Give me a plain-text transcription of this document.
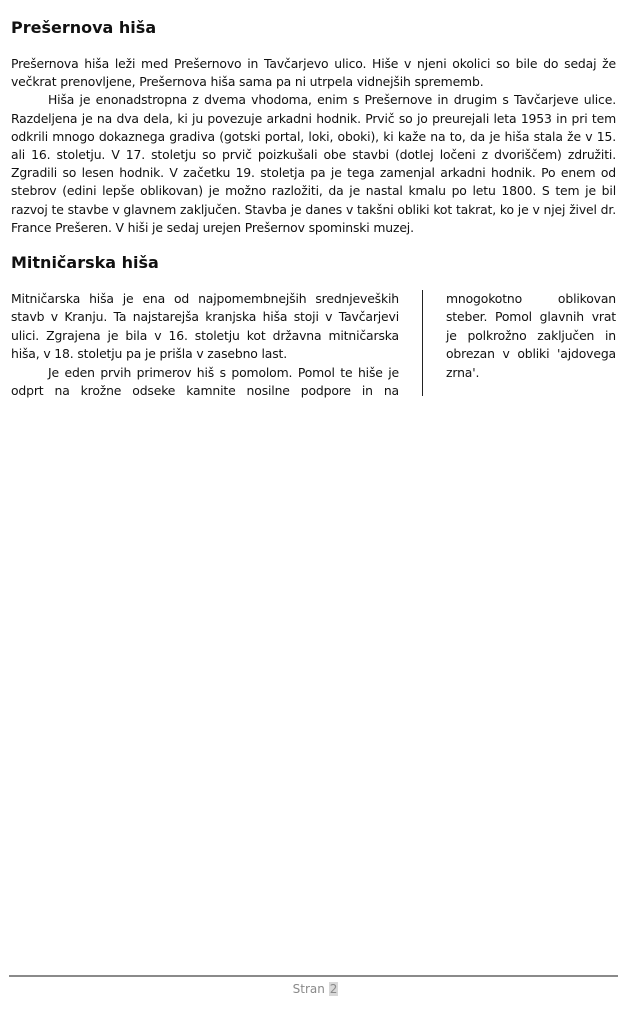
Prešernova hiša

Prešernova hiša leži med Prešernovo in Tavčarjevo ulico. Hiše v njeni okolici so bile do sedaj že večkrat prenovljene, Prešernova hiša sama pa ni utrpela vidnejših sprememb.

Hiša je enonadstropna z dvema vhodoma, enim s Prešernove in drugim s Tavčarjeve ulice. Razdeljena je na dva dela, ki ju povezuje arkadni hodnik. Prvič so jo preurejali leta 1953 in pri tem odkrili mnogo dokaznega gradiva (gotski portal, loki, oboki), ki kaže na to, da je hiša stala že v 15. ali 16. stoletju. V 17. stoletju so prvič poizkušali obe stavbi (dotlej ločeni z dvoriščem) združiti. Zgradili so lesen hodnik. V začetku 19. stoletja pa je tega zamenjal arkadni hodnik. Po enem od stebrov (edini lepše oblikovan) je možno razložiti, da je nastal kmalu po letu 1800. S tem je bil razvoj te stavbe v glavnem zaključen. Stavba je danes v takšni obliki kot takrat, ko je v njej živel dr. France Prešeren. V hiši je sedaj urejen Prešernov spominski muzej.

Mitničarska hiša

Mitničarska hiša je ena od najpomembnejših srednjeveških stavb v Kranju. Ta najstarejša kranjska hiša stoji v Tavčarjevi ulici. Zgrajena je bila v 16. stoletju kot državna mitničarska hiša, v 18. stoletju pa je prišla v zasebno last.

Je eden prvih primerov hiš s pomolom. Pomol te hiše je odprt na krožne odseke kamnite nosilne podpore in na

mnogokotno oblikovan

steber. Pomol glavnih vrat je polkrožno zaključen in obrezan v obliki 'ajdovega zrna'.

Stran 2
